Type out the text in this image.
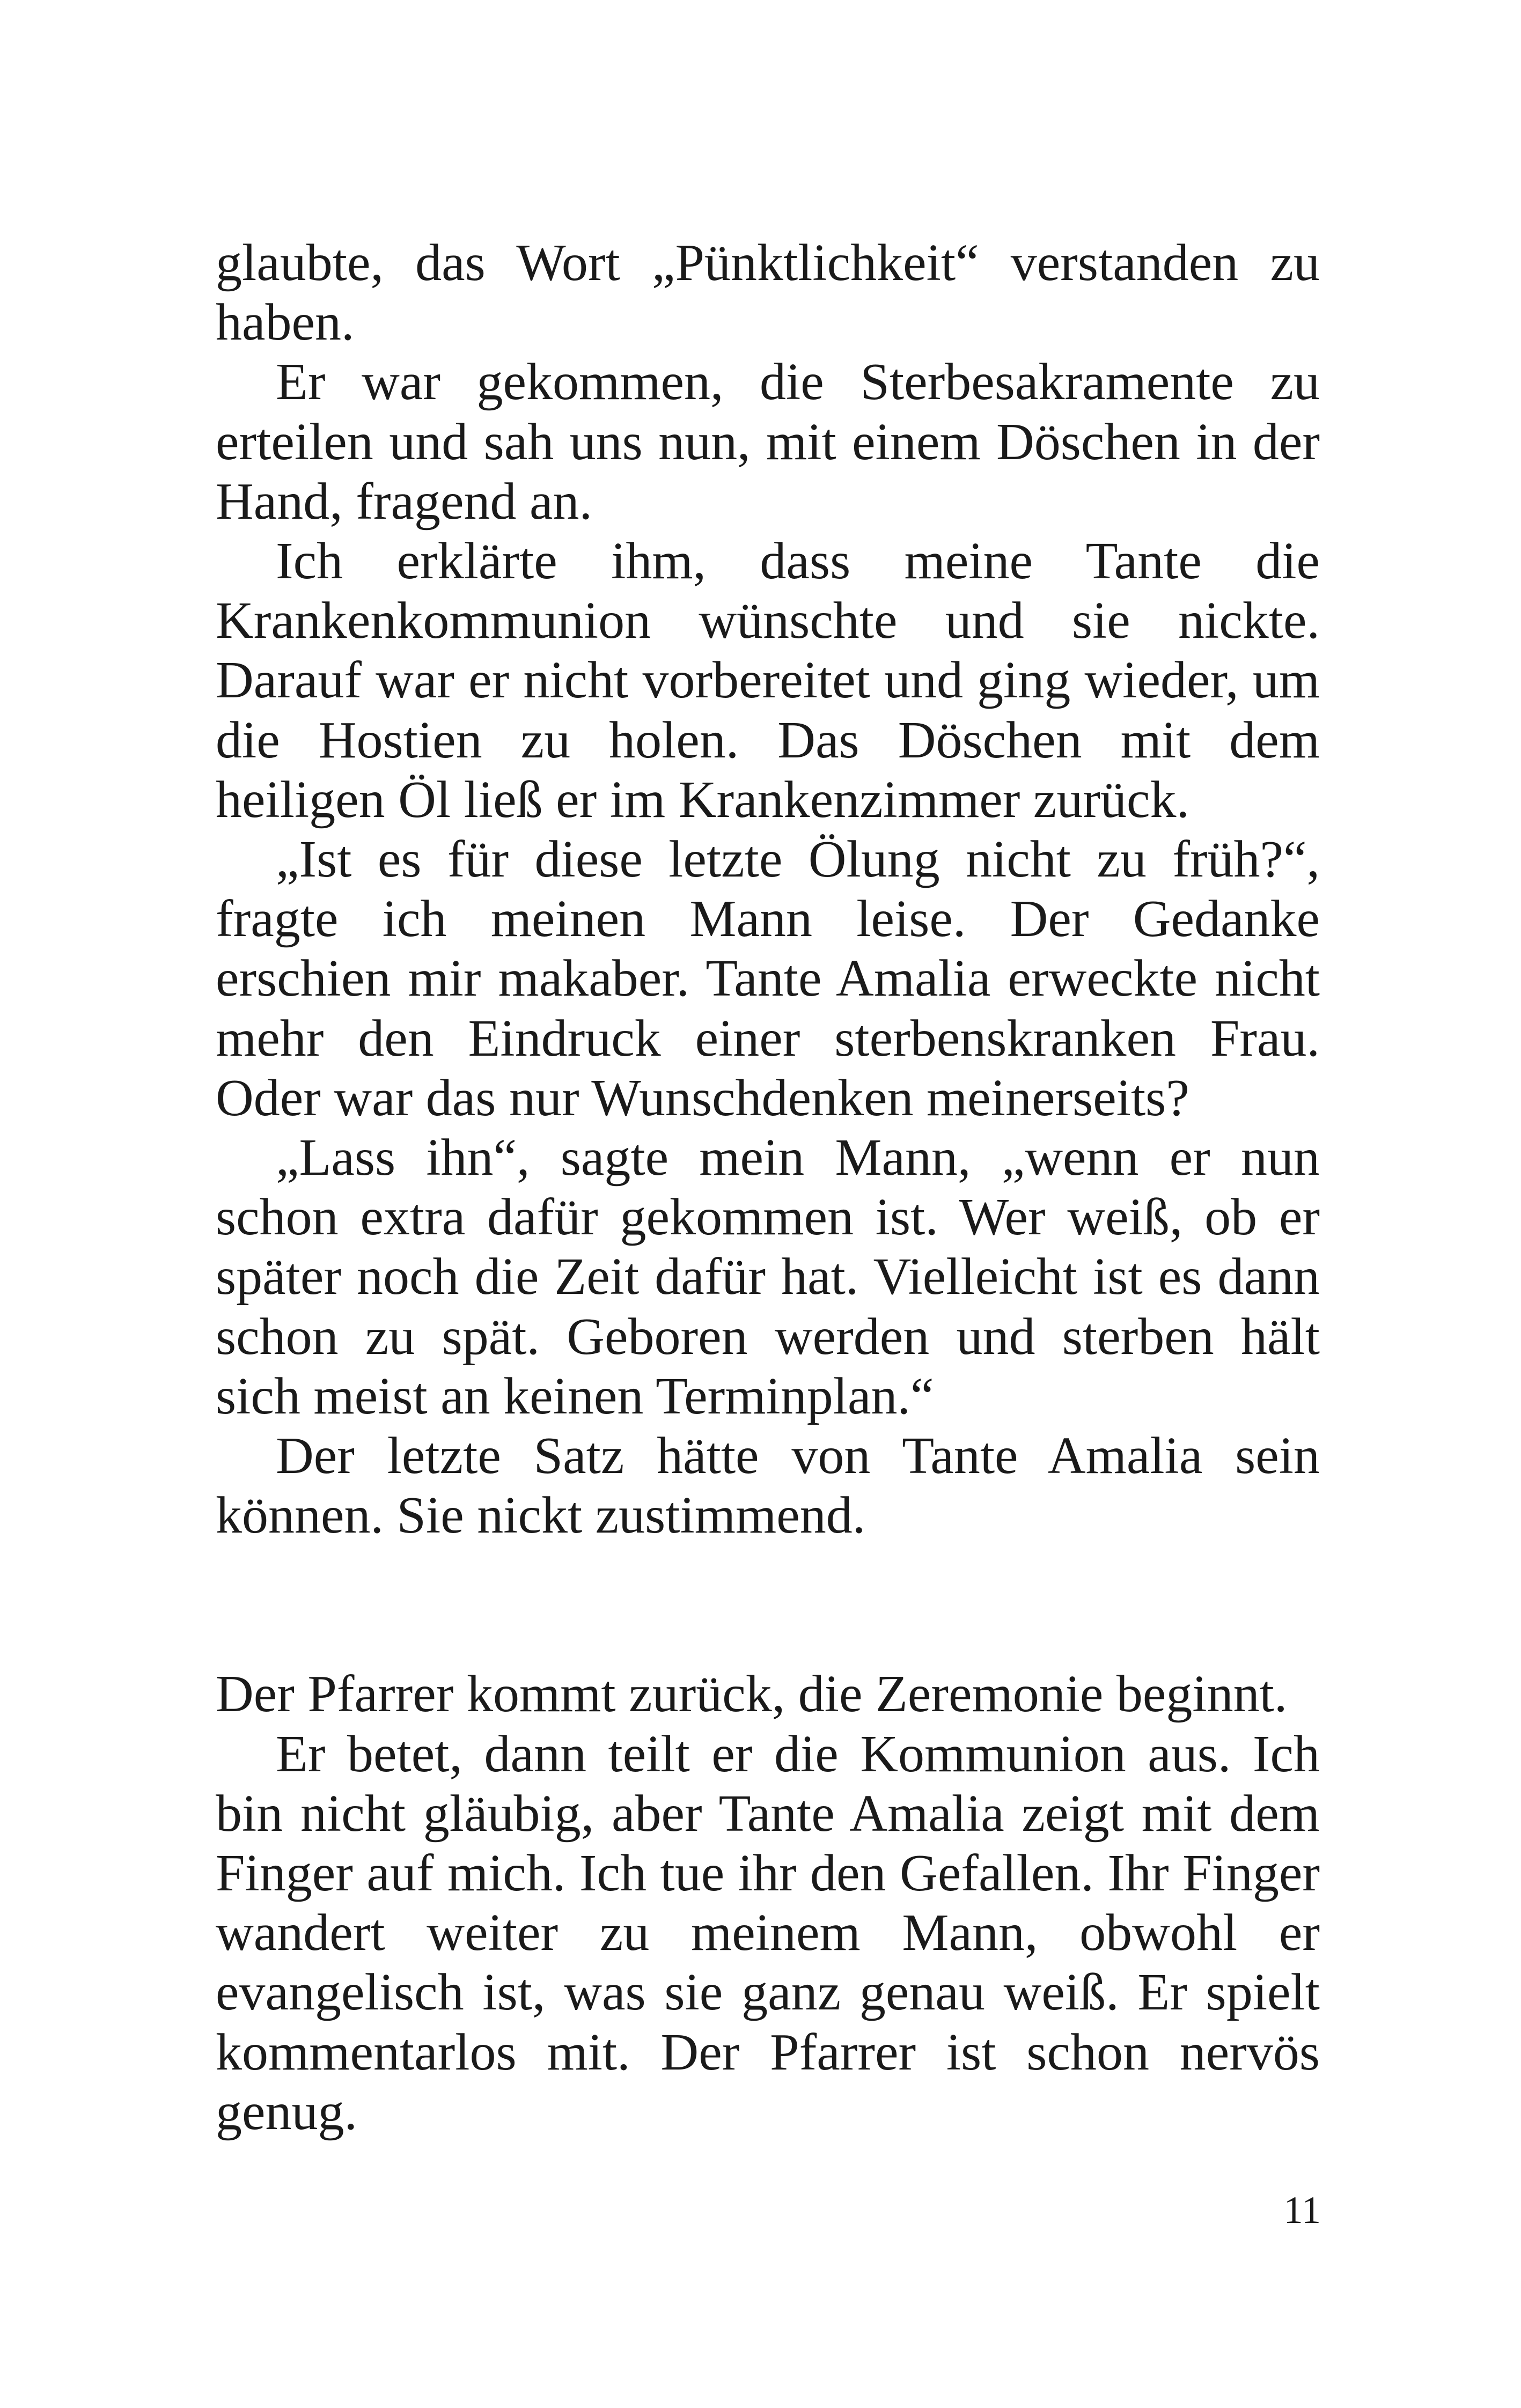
glaubte, das Wort „Pünktlichkeit“ verstanden zu haben.

Er war gekommen, die Sterbesakramente zu erteilen und sah uns nun, mit einem Döschen in der Hand, fragend an.

Ich erklärte ihm, dass meine Tante die Krankenkommunion wünschte und sie nickte. Darauf war er nicht vorbereitet und ging wieder, um die Hostien zu holen. Das Döschen mit dem heiligen Öl ließ er im Krankenzimmer zurück.

„Ist es für diese letzte Ölung nicht zu früh?“, fragte ich meinen Mann leise. Der Gedanke erschien mir makaber. Tante Amalia erweckte nicht mehr den Eindruck einer sterbenskranken Frau. Oder war das nur Wunschdenken meinerseits?

„Lass ihn“, sagte mein Mann, „wenn er nun schon extra dafür gekommen ist. Wer weiß, ob er später noch die Zeit dafür hat. Vielleicht ist es dann schon zu spät. Geboren werden und sterben hält sich meist an keinen Terminplan.“

Der letzte Satz hätte von Tante Amalia sein können. Sie nickt zustimmend.

Der Pfarrer kommt zurück, die Zeremonie beginnt.

Er betet, dann teilt er die Kommunion aus. Ich bin nicht gläubig, aber Tante Amalia zeigt mit dem Finger auf mich. Ich tue ihr den Gefallen. Ihr Finger wandert weiter zu meinem Mann, obwohl er evangelisch ist, was sie ganz genau weiß. Er spielt kommentarlos mit. Der Pfarrer ist schon nervös genug.

11
